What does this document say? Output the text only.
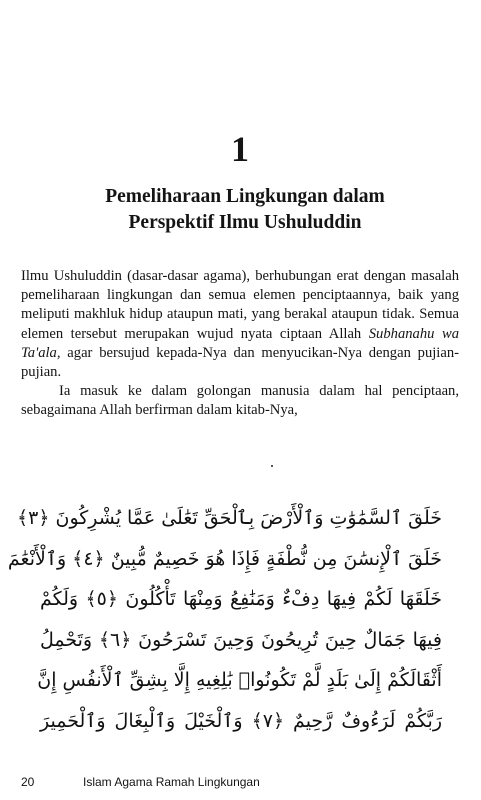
1
Pemeliharaan Lingkungan dalam
Perspektif Ilmu Ushuluddin

Ilmu Ushuluddin (dasar-dasar agama), berhubungan erat dengan masalah pemeliharaan lingkungan dan semua elemen penciptaannya, baik yang meliputi makhluk hidup ataupun mati, yang berakal ataupun tidak. Semua elemen tersebut merupakan wujud nyata ciptaan Allah Subhanahu wa Ta'ala, agar bersujud kepada-Nya dan menyucikan-Nya dengan pujian-pujian.

Ia masuk ke dalam golongan manusia dalam hal penciptaan, sebagaimana Allah berfirman dalam kitab-Nya,

خَلَقَ ٱلسَّمَٰوَٰتِ وَٱلْأَرْضَ بِٱلْحَقِّ تَعَٰلَىٰ عَمَّا يُشْرِكُونَ ﴿٣﴾
خَلَقَ ٱلْإِنسَٰنَ مِن نُّطْفَةٍ فَإِذَا هُوَ خَصِيمٌ مُّبِينٌ ﴿٤﴾ وَٱلْأَنْعَٰمَ
خَلَقَهَا لَكُمْ فِيهَا دِفْءٌ وَمَنَٰفِعُ وَمِنْهَا تَأْكُلُونَ ﴿٥﴾ وَلَكُمْ
فِيهَا جَمَالٌ حِينَ تُرِيحُونَ وَحِينَ تَسْرَحُونَ ﴿٦﴾ وَتَحْمِلُ
أَثْقَالَكُمْ إِلَىٰ بَلَدٍ لَّمْ تَكُونُوا۟ بَٰلِغِيهِ إِلَّا بِشِقِّ ٱلْأَنفُسِ إِنَّ
رَبَّكُمْ لَرَءُوفٌ رَّحِيمٌ ﴿٧﴾ وَٱلْخَيْلَ وَٱلْبِغَالَ وَٱلْحَمِيرَ
20	Islam Agama Ramah Lingkungan
